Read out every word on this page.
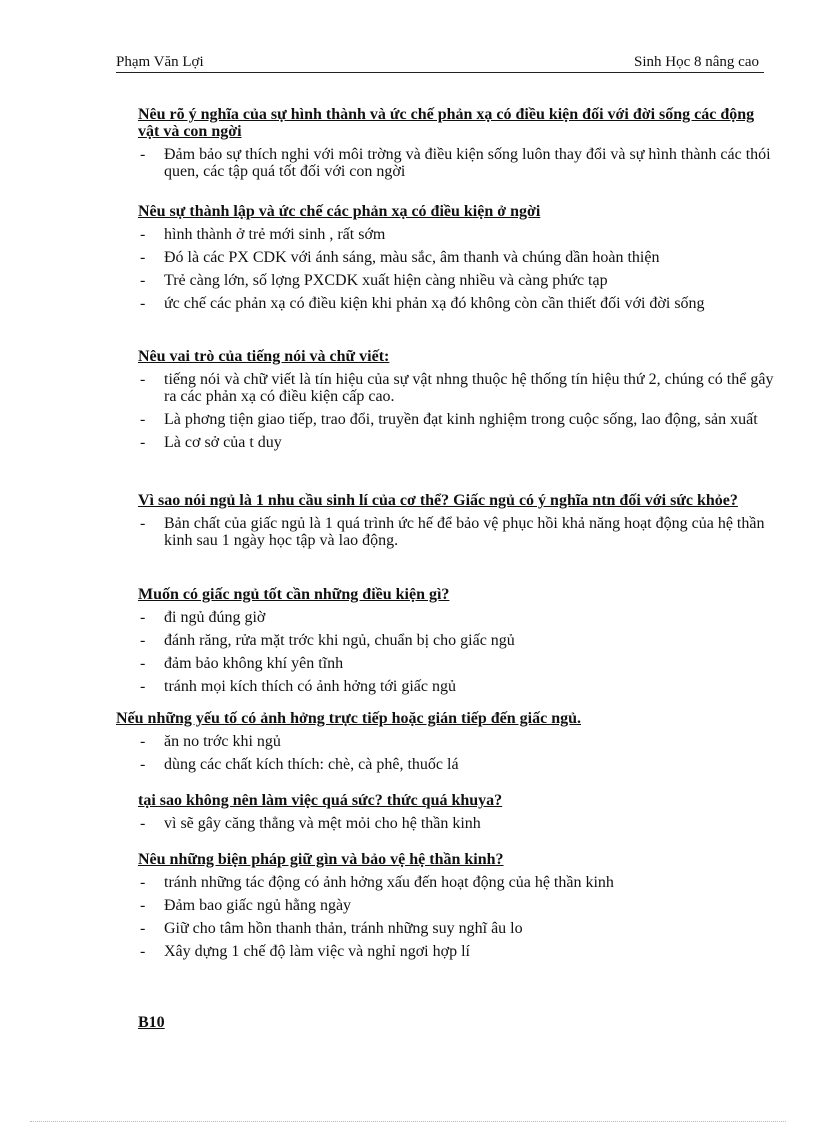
Phạm Văn Lợi	Sinh Học 8 nâng cao
Nêu rõ ý nghĩa của sự hình thành và ức chế phản xạ có điều kiện đối với đời sống các động vật và con ngời
- Đảm bảo sự thích nghi với môi trờng và điều kiện sống luôn thay đổi và sự hình thành các thói quen, các tập quá tốt đối với con ngời
Nêu sự thành lập và ức chế các phản xạ có điều kiện ở ngời
- hình thành ở trẻ mới sinh , rất sớm
- Đó là các PX CDK với ánh sáng, màu sắc, âm thanh và chúng dần hoàn thiện
- Trẻ càng lớn, số lợng PXCDK xuất hiện càng nhiều và càng phức tạp
- ức chế các phản xạ có điều kiện khi phản xạ đó không còn cần thiết đối với đời sống
Nêu vai trò của tiếng nói và chữ viết:
- tiếng nói và chữ viết là tín hiệu của sự vật nhng thuộc hệ thống tín hiệu thứ 2, chúng có thể gây ra các phản xạ có điều kiện cấp cao.
- Là phơng tiện giao tiếp, trao đổi, truyền đạt kinh nghiệm trong cuộc sống, lao động, sản xuất
- Là cơ sở của t duy
Vì sao nói ngủ là 1 nhu cầu sinh lí của cơ thể? Giấc ngủ có ý nghĩa ntn đối với sức khỏe?
- Bản chất của giấc ngủ là 1 quá trình ức hế để bảo vệ phục hồi khả năng hoạt động của hệ thần kinh sau 1 ngày học tập và lao động.
Muốn có giấc ngủ tốt cần những điều kiện gì?
- đi ngủ đúng giờ
- đánh răng, rửa mặt trớc khi ngủ, chuẩn bị cho giấc ngủ
- đảm bảo không khí yên tĩnh
- tránh mọi kích thích có ảnh hởng tới giấc ngủ
Nếu những yếu tố có ảnh hởng trực tiếp hoặc gián tiếp đến giấc ngủ.
- ăn no trớc khi ngủ
- dùng các chất kích thích: chè, cà phê, thuốc lá
tại sao không nên làm việc quá sức? thức quá khuya?
- vì sẽ gây căng thẳng và mệt mỏi cho hệ thần kinh
Nêu những biện pháp giữ gìn và bảo vệ hệ thần kinh?
- tránh những tác động có ảnh hởng xấu đến hoạt động của hệ thần kinh
- Đảm bao giấc ngủ hằng ngày
- Giữ cho tâm hồn thanh thản, tránh những suy nghĩ âu lo
- Xây dựng 1 chế độ làm việc và nghỉ ngơi hợp lí
B10
